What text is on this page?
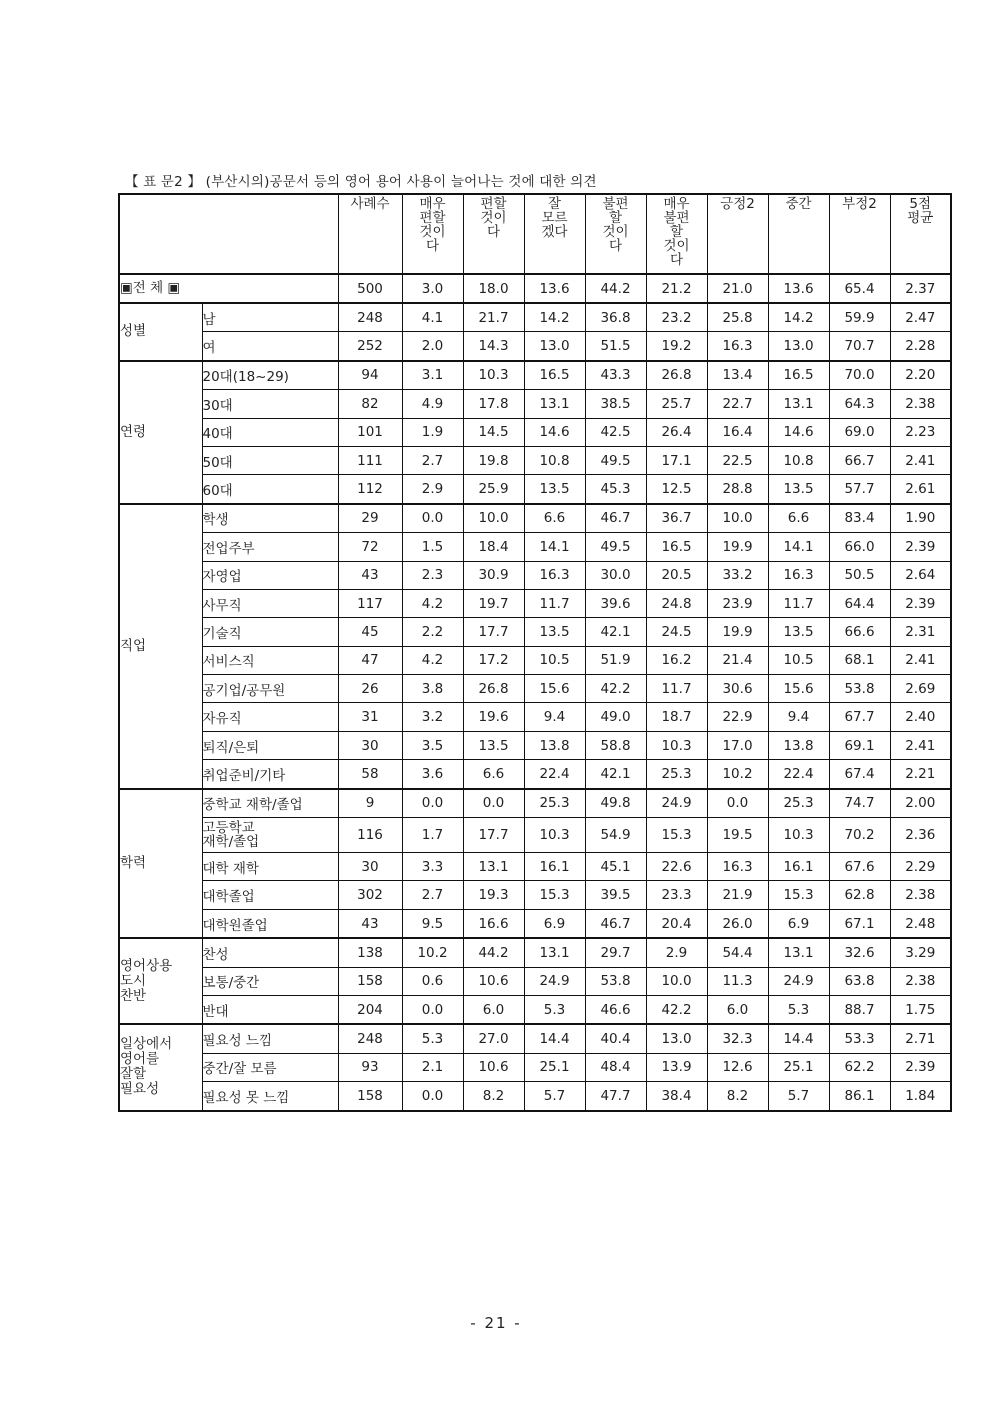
【 표 문2 】 (부산시의)공문서 등의 영어 용어 사용이 늘어나는 것에 대한 의견

		사례수	매우
편할
것이
다	편할
것이
다	잘
모르
겠다	불편
할
것이
다	매우
불편
할
것이
다	긍정2	중간	부정2	5점
평균

▣전 체 ▣		500	3.0	18.0	13.6	44.2	21.2	21.0	13.6	65.4	2.37

성별	남	248	4.1	21.7	14.2	36.8	23.2	25.8	14.2	59.9	2.47
	여	252	2.0	14.3	13.0	51.5	19.2	16.3	13.0	70.7	2.28

연령	20대(18~29)	94	3.1	10.3	16.5	43.3	26.8	13.4	16.5	70.0	2.20
	30대	82	4.9	17.8	13.1	38.5	25.7	22.7	13.1	64.3	2.38
	40대	101	1.9	14.5	14.6	42.5	26.4	16.4	14.6	69.0	2.23
	50대	111	2.7	19.8	10.8	49.5	17.1	22.5	10.8	66.7	2.41
	60대	112	2.9	25.9	13.5	45.3	12.5	28.8	13.5	57.7	2.61

직업	학생	29	0.0	10.0	6.6	46.7	36.7	10.0	6.6	83.4	1.90
	전업주부	72	1.5	18.4	14.1	49.5	16.5	19.9	14.1	66.0	2.39
	자영업	43	2.3	30.9	16.3	30.0	20.5	33.2	16.3	50.5	2.64
	사무직	117	4.2	19.7	11.7	39.6	24.8	23.9	11.7	64.4	2.39
	기술직	45	2.2	17.7	13.5	42.1	24.5	19.9	13.5	66.6	2.31
	서비스직	47	4.2	17.2	10.5	51.9	16.2	21.4	10.5	68.1	2.41
	공기업/공무원	26	3.8	26.8	15.6	42.2	11.7	30.6	15.6	53.8	2.69
	자유직	31	3.2	19.6	9.4	49.0	18.7	22.9	9.4	67.7	2.40
	퇴직/은퇴	30	3.5	13.5	13.8	58.8	10.3	17.0	13.8	69.1	2.41
	취업준비/기타	58	3.6	6.6	22.4	42.1	25.3	10.2	22.4	67.4	2.21

학력	중학교 재학/졸업	9	0.0	0.0	25.3	49.8	24.9	0.0	25.3	74.7	2.00

	고등학교
재학/졸업	116	1.7	17.7	10.3	54.9	15.3	19.5	10.3	70.2	2.36
	대학 재학	30	3.3	13.1	16.1	45.1	22.6	16.3	16.1	67.6	2.29
	대학졸업	302	2.7	19.3	15.3	39.5	23.3	21.9	15.3	62.8	2.38
	대학원졸업	43	9.5	16.6	6.9	46.7	20.4	26.0	6.9	67.1	2.48

영어상용
도시
찬반	찬성	138	10.2	44.2	13.1	29.7	2.9	54.4	13.1	32.6	3.29
	보통/중간	158	0.6	10.6	24.9	53.8	10.0	11.3	24.9	63.8	2.38
	반대	204	0.0	6.0	5.3	46.6	42.2	6.0	5.3	88.7	1.75

일상에서
영어를
잘할
필요성	필요성 느낌	248	5.3	27.0	14.4	40.4	13.0	32.3	14.4	53.3	2.71
	중간/잘 모름	93	2.1	10.6	25.1	48.4	13.9	12.6	25.1	62.2	2.39
	필요성 못 느낌	158	0.0	8.2	5.7	47.7	38.4	8.2	5.7	86.1	1.84
- 21 -
